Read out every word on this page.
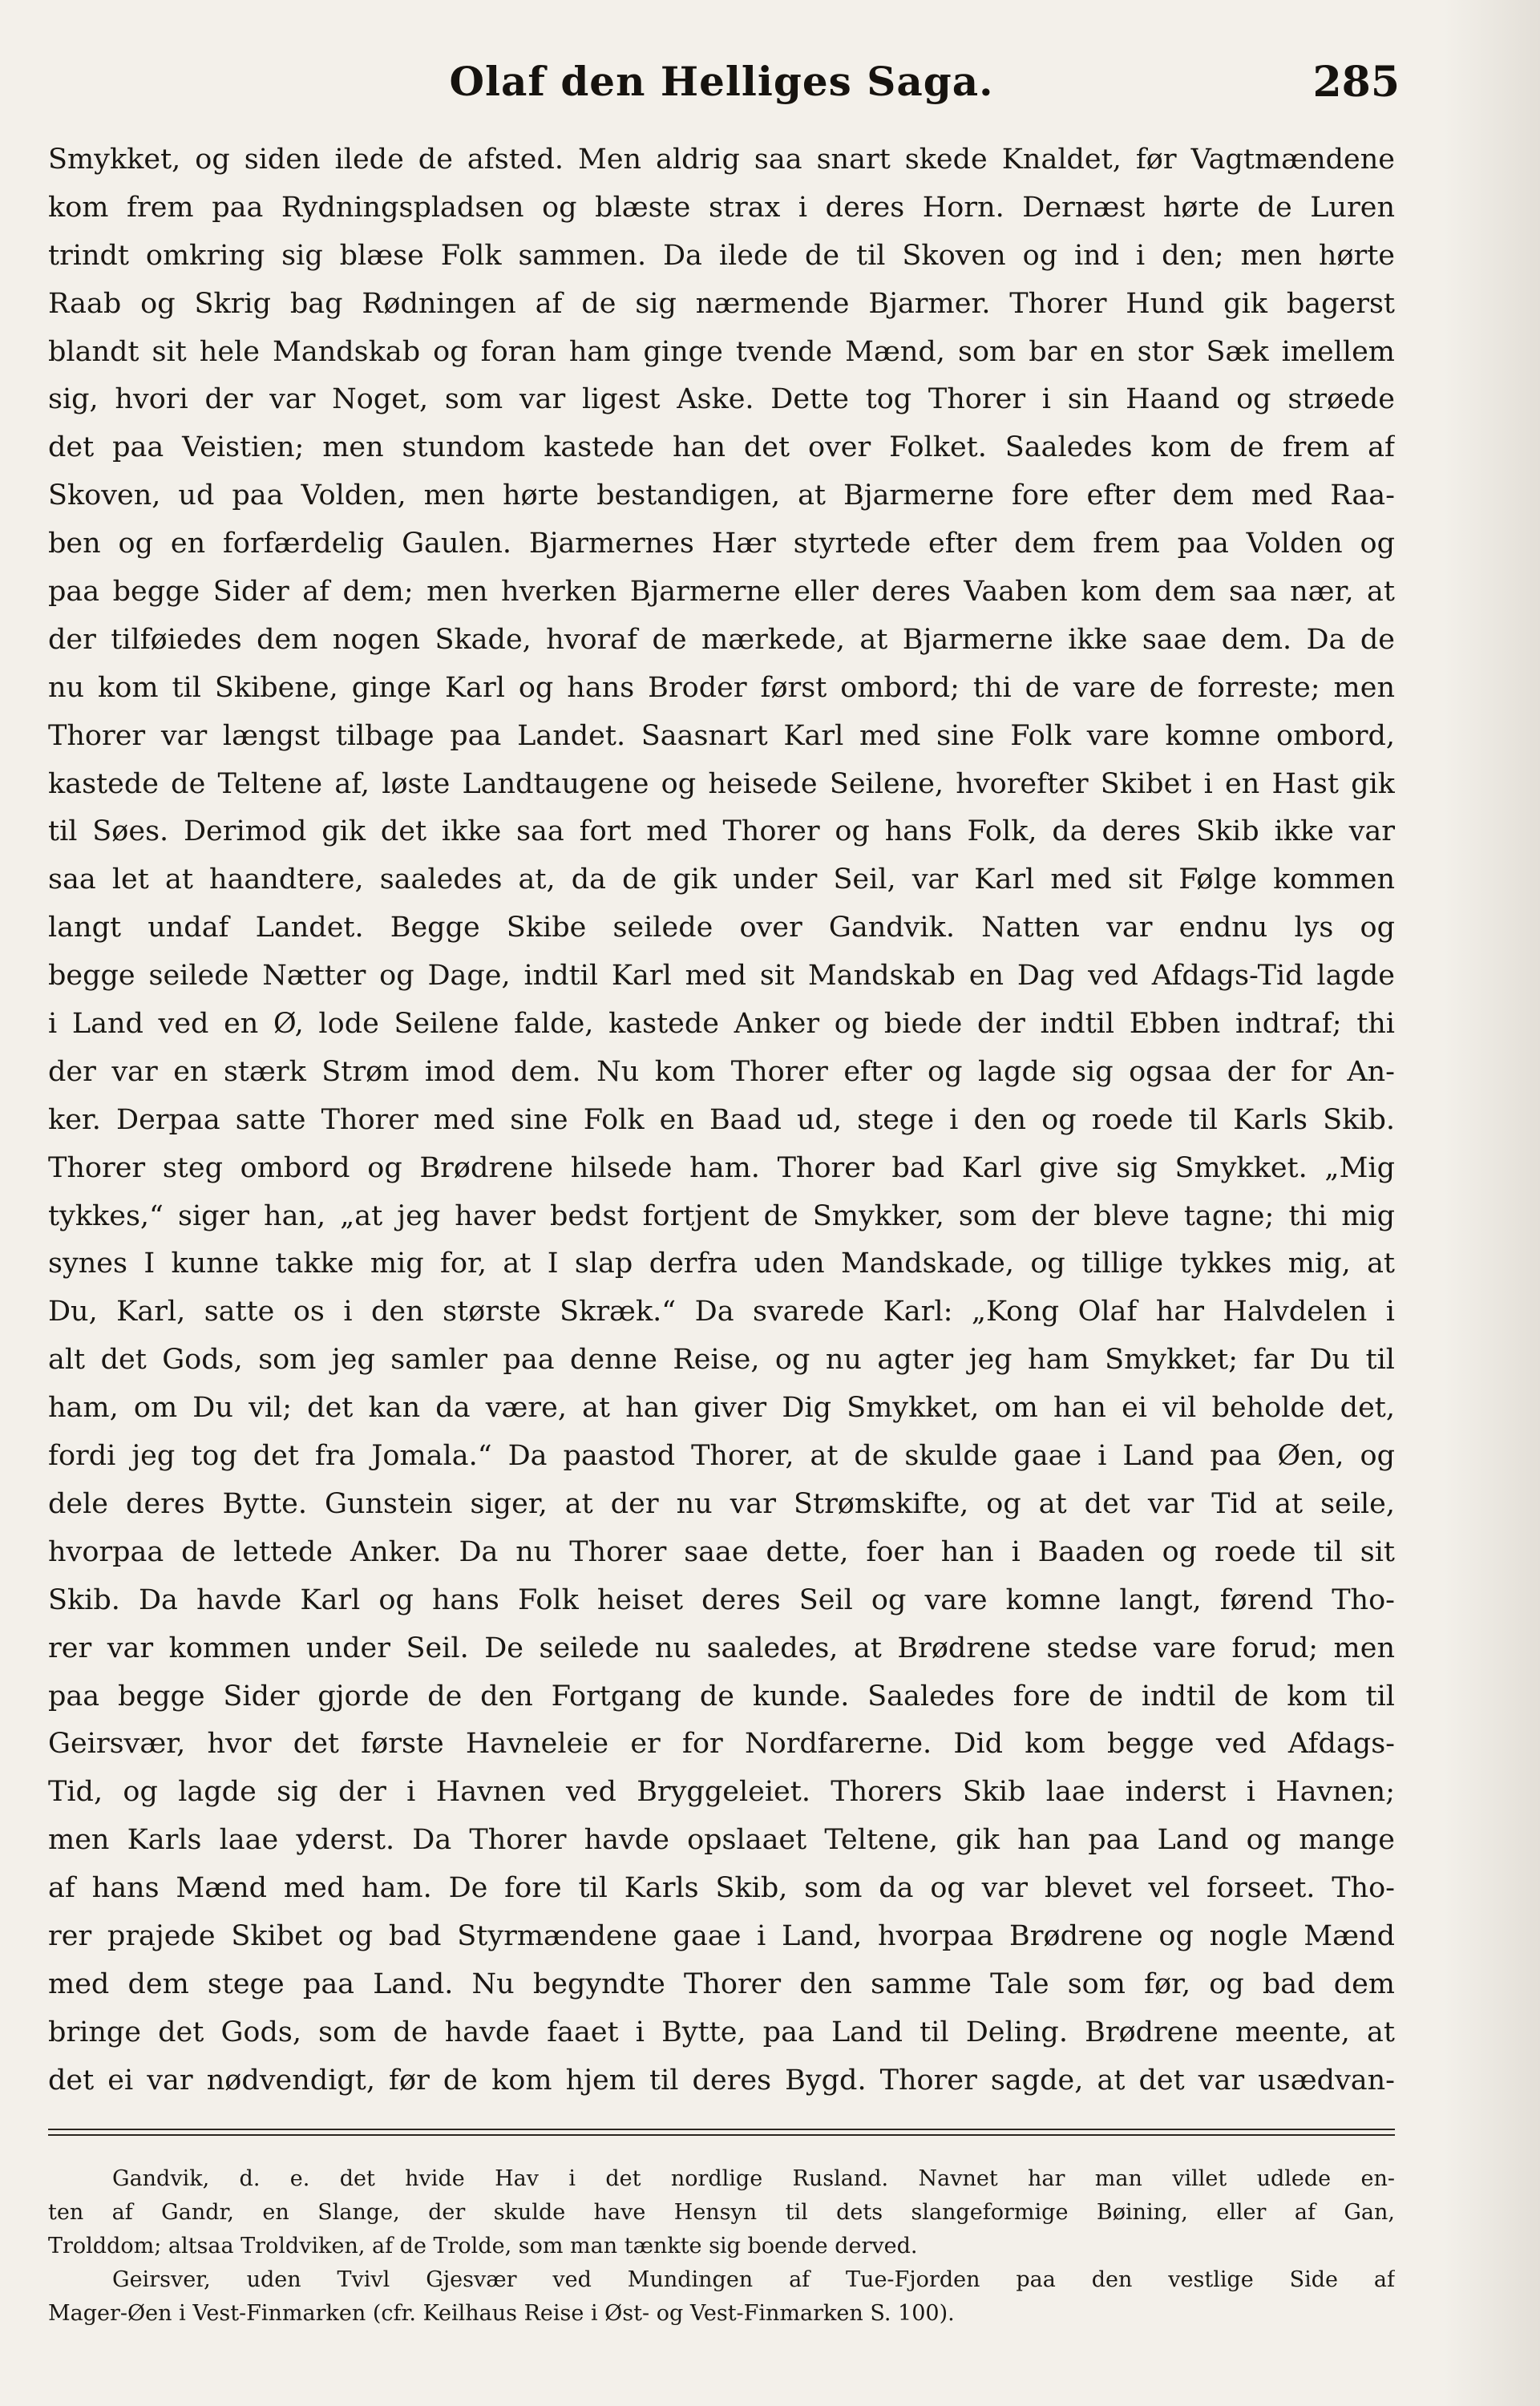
Olaf den Helliges Saga.	285
Smykket, og siden ilede de afsted. Men aldrig saa snart skede Knaldet, før Vagtmændene
kom frem paa Rydningspladsen og blæste strax i deres Horn. Dernæst hørte de Luren
trindt omkring sig blæse Folk sammen. Da ilede de til Skoven og ind i den; men hørte
Raab og Skrig bag Rødningen af de sig nærmende Bjarmer. Thorer Hund gik bagerst
blandt sit hele Mandskab og foran ham ginge tvende Mænd, som bar en stor Sæk imellem
sig, hvori der var Noget, som var ligest Aske. Dette tog Thorer i sin Haand og strøede
det paa Veistien; men stundom kastede han det over Folket. Saaledes kom de frem af
Skoven, ud paa Volden, men hørte bestandigen, at Bjarmerne fore efter dem med Raa-
ben og en forfærdelig Gaulen. Bjarmernes Hær styrtede efter dem frem paa Volden og
paa begge Sider af dem; men hverken Bjarmerne eller deres Vaaben kom dem saa nær, at
der tilføiedes dem nogen Skade, hvoraf de mærkede, at Bjarmerne ikke saae dem. Da de
nu kom til Skibene, ginge Karl og hans Broder først ombord; thi de vare de forreste; men
Thorer var længst tilbage paa Landet. Saasnart Karl med sine Folk vare komne ombord,
kastede de Teltene af, løste Landtaugene og heisede Seilene, hvorefter Skibet i en Hast gik
til Søes. Derimod gik det ikke saa fort med Thorer og hans Folk, da deres Skib ikke var
saa let at haandtere, saaledes at, da de gik under Seil, var Karl med sit Følge kommen
langt undaf Landet. Begge Skibe seilede over Gandvik. Natten var endnu lys og
begge seilede Nætter og Dage, indtil Karl med sit Mandskab en Dag ved Afdags-Tid lagde
i Land ved en Ø, lode Seilene falde, kastede Anker og biede der indtil Ebben indtraf; thi
der var en stærk Strøm imod dem. Nu kom Thorer efter og lagde sig ogsaa der for An-
ker. Derpaa satte Thorer med sine Folk en Baad ud, stege i den og roede til Karls Skib.
Thorer steg ombord og Brødrene hilsede ham. Thorer bad Karl give sig Smykket. „Mig
tykkes,“ siger han, „at jeg haver bedst fortjent de Smykker, som der bleve tagne; thi mig
synes I kunne takke mig for, at I slap derfra uden Mandskade, og tillige tykkes mig, at
Du, Karl, satte os i den største Skræk.“ Da svarede Karl: „Kong Olaf har Halvdelen i
alt det Gods, som jeg samler paa denne Reise, og nu agter jeg ham Smykket; far Du til
ham, om Du vil; det kan da være, at han giver Dig Smykket, om han ei vil beholde det,
fordi jeg tog det fra Jomala.“ Da paastod Thorer, at de skulde gaae i Land paa Øen, og
dele deres Bytte. Gunstein siger, at der nu var Strømskifte, og at det var Tid at seile,
hvorpaa de lettede Anker. Da nu Thorer saae dette, foer han i Baaden og roede til sit
Skib. Da havde Karl og hans Folk heiset deres Seil og vare komne langt, førend Tho-
rer var kommen under Seil. De seilede nu saaledes, at Brødrene stedse vare forud; men
paa begge Sider gjorde de den Fortgang de kunde. Saaledes fore de indtil de kom til
Geirsvær, hvor det første Havneleie er for Nordfarerne. Did kom begge ved Afdags-
Tid, og lagde sig der i Havnen ved Bryggeleiet. Thorers Skib laae inderst i Havnen;
men Karls laae yderst. Da Thorer havde opslaaet Teltene, gik han paa Land og mange
af hans Mænd med ham. De fore til Karls Skib, som da og var blevet vel forseet. Tho-
rer prajede Skibet og bad Styrmændene gaae i Land, hvorpaa Brødrene og nogle Mænd
med dem stege paa Land. Nu begyndte Thorer den samme Tale som før, og bad dem
bringe det Gods, som de havde faaet i Bytte, paa Land til Deling. Brødrene meente, at
det ei var nødvendigt, før de kom hjem til deres Bygd. Thorer sagde, at det var usædvan-
Gandvik, d. e. det hvide Hav i det nordlige Rusland. Navnet har man villet udlede en-
ten af Gandr, en Slange, der skulde have Hensyn til dets slangeformige Bøining, eller af Gan,
Trolddom; altsaa Troldviken, af de Trolde, som man tænkte sig boende derved.
Geirsver, uden Tvivl Gjesvær ved Mundingen af Tue-Fjorden paa den vestlige Side af
Mager-Øen i Vest-Finmarken (cfr. Keilhaus Reise i Øst- og Vest-Finmarken S. 100).
